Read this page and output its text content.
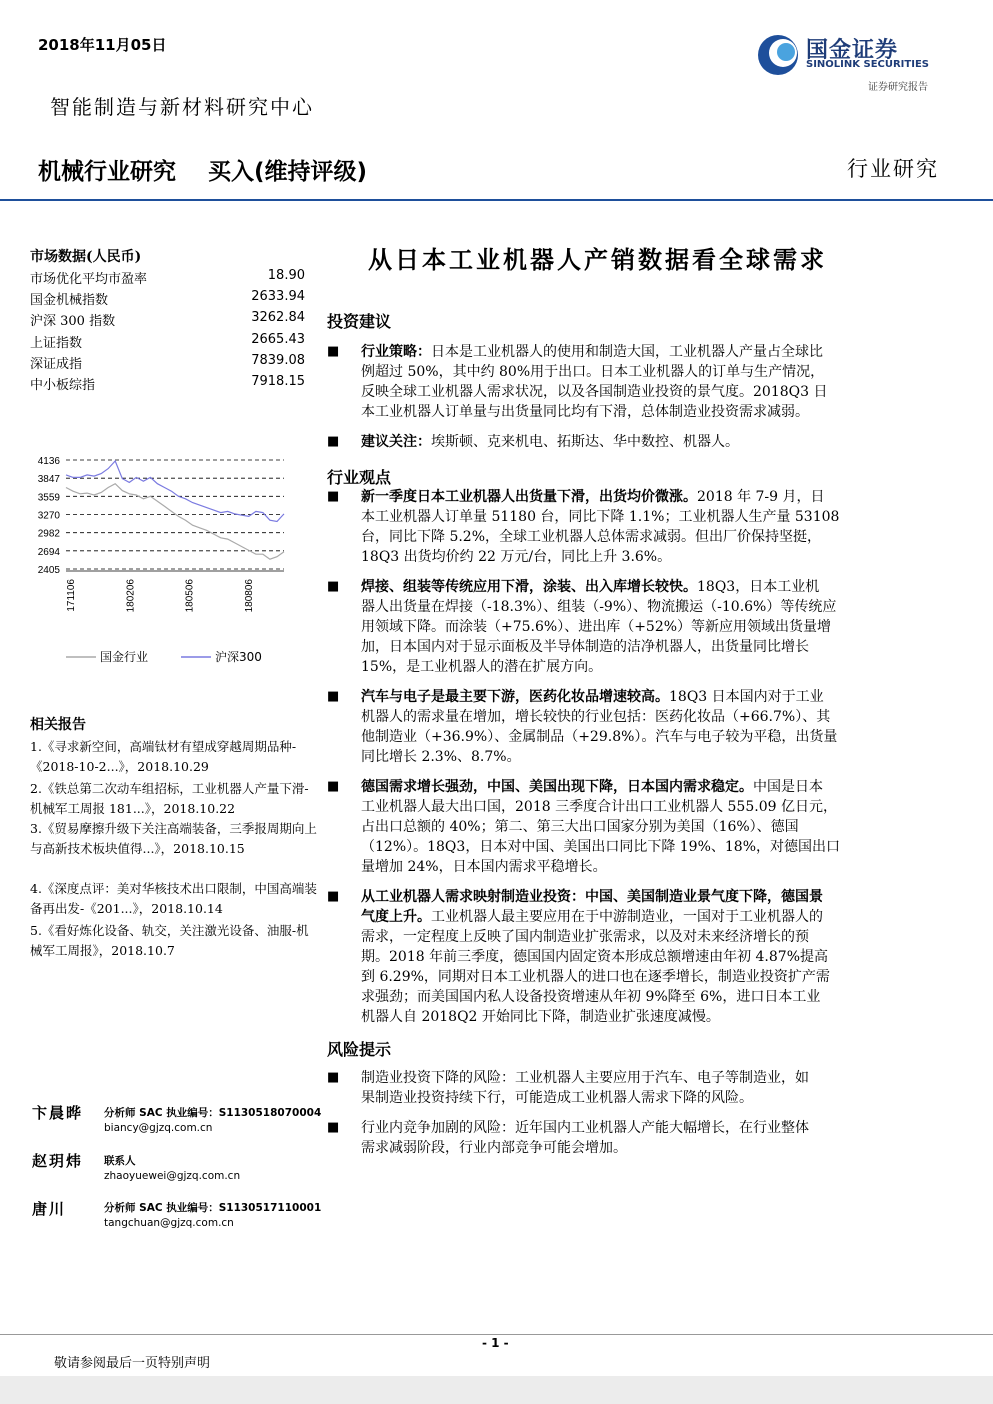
2018年11月05日
智能制造与新材料研究中心
机械行业研究 买入(维持评级)	行业研究
国金证券
SINOLINK SECURITIES
证券研究报告
市场数据(人民币)
市场优化平均市盈率	18.90
国金机械指数	2633.94
沪深 300 指数	3262.84
上证指数	2665.43
深证成指	7839.08
中小板综指	7918.15
4136
3847
3559
3270
2982
2694
2405
171106	180206	180506	180806
国金行业	沪深300
相关报告
1.《寻求新空间，高端钛材有望成穿越周期品种-《2018-10-2...》，2018.10.29
2.《铁总第二次动车组招标，工业机器人产量下滑-机械军工周报 181...》，2018.10.22
3.《贸易摩擦升级下关注高端装备，三季报周期向上与高新技术板块值得...》，2018.10.15
4.《深度点评：美对华核技术出口限制，中国高端装备再出发-《201...》，2018.10.14
5.《看好炼化设备、轨交，关注激光设备、油服-机械军工周报》，2018.10.7
卞晨晔 分析师 SAC 执业编号：S1130518070004
biancy@gjzq.com.cn
赵玥炜 联系人
zhaoyuewei@gjzq.com.cn
唐川	分析师 SAC 执业编号：S1130517110001
tangchuan@gjzq.com.cn
从日本工业机器人产销数据看全球需求
投资建议
■ 行业策略：日本是工业机器人的使用和制造大国，工业机器人产量占全球比
例超过 50%，其中约 80%用于出口。日本工业机器人的订单与生产情况，
反映全球工业机器人需求状况，以及各国制造业投资的景气度。2018Q3 日
本工业机器人订单量与出货量同比均有下滑，总体制造业投资需求减弱。
■ 建议关注：埃斯顿、克来机电、拓斯达、华中数控、机器人。
行业观点
■ 新一季度日本工业机器人出货量下滑，出货均价微涨。2018 年 7-9 月，日
本工业机器人订单量 51180 台，同比下降 1.1%；工业机器人生产量 53108
台，同比下降 5.2%，全球工业机器人总体需求减弱。但出厂价保持坚挺，
18Q3 出货均价约 22 万元/台，同比上升 3.6%。
■ 焊接、组装等传统应用下滑，涂装、出入库增长较快。18Q3，日本工业机
器人出货量在焊接（-18.3%）、组装（-9%）、物流搬运（-10.6%）等传统应
用领域下降。而涂装（+75.6%）、进出库（+52%）等新应用领域出货量增
加，日本国内对于显示面板及半导体制造的洁净机器人，出货量同比增长
15%，是工业机器人的潜在扩展方向。
■ 汽车与电子是最主要下游，医药化妆品增速较高。18Q3 日本国内对于工业
机器人的需求量在增加，增长较快的行业包括：医药化妆品（+66.7%）、其
他制造业（+36.9%）、金属制品（+29.8%）。汽车与电子较为平稳，出货量
同比增长 2.3%、8.7%。
■ 德国需求增长强劲，中国、美国出现下降，日本国内需求稳定。中国是日本
工业机器人最大出口国，2018 三季度合计出口工业机器人 555.09 亿日元，
占出口总额的 40%；第二、第三大出口国家分别为美国（16%）、德国
（12%）。18Q3，日本对中国、美国出口同比下降 19%、18%，对德国出口
量增加 24%，日本国内需求平稳增长。
■ 从工业机器人需求映射制造业投资：中国、美国制造业景气度下降，德国景
气度上升。工业机器人最主要应用在于中游制造业，一国对于工业机器人的
需求，一定程度上反映了国内制造业扩张需求，以及对未来经济增长的预
期。2018 年前三季度，德国国内固定资本形成总额增速由年初 4.87%提高
到 6.29%，同期对日本工业机器人的进口也在逐季增长，制造业投资扩产需
求强劲；而美国国内私人设备投资增速从年初 9%降至 6%，进口日本工业
机器人自 2018Q2 开始同比下降，制造业扩张速度减慢。
风险提示
■ 制造业投资下降的风险：工业机器人主要应用于汽车、电子等制造业，如
果制造业投资持续下行，可能造成工业机器人需求下降的风险。
■ 行业内竞争加剧的风险：近年国内工业机器人产能大幅增长，在行业整体
需求减弱阶段，行业内部竞争可能会增加。
- 1 -
敬请参阅最后一页特别声明
